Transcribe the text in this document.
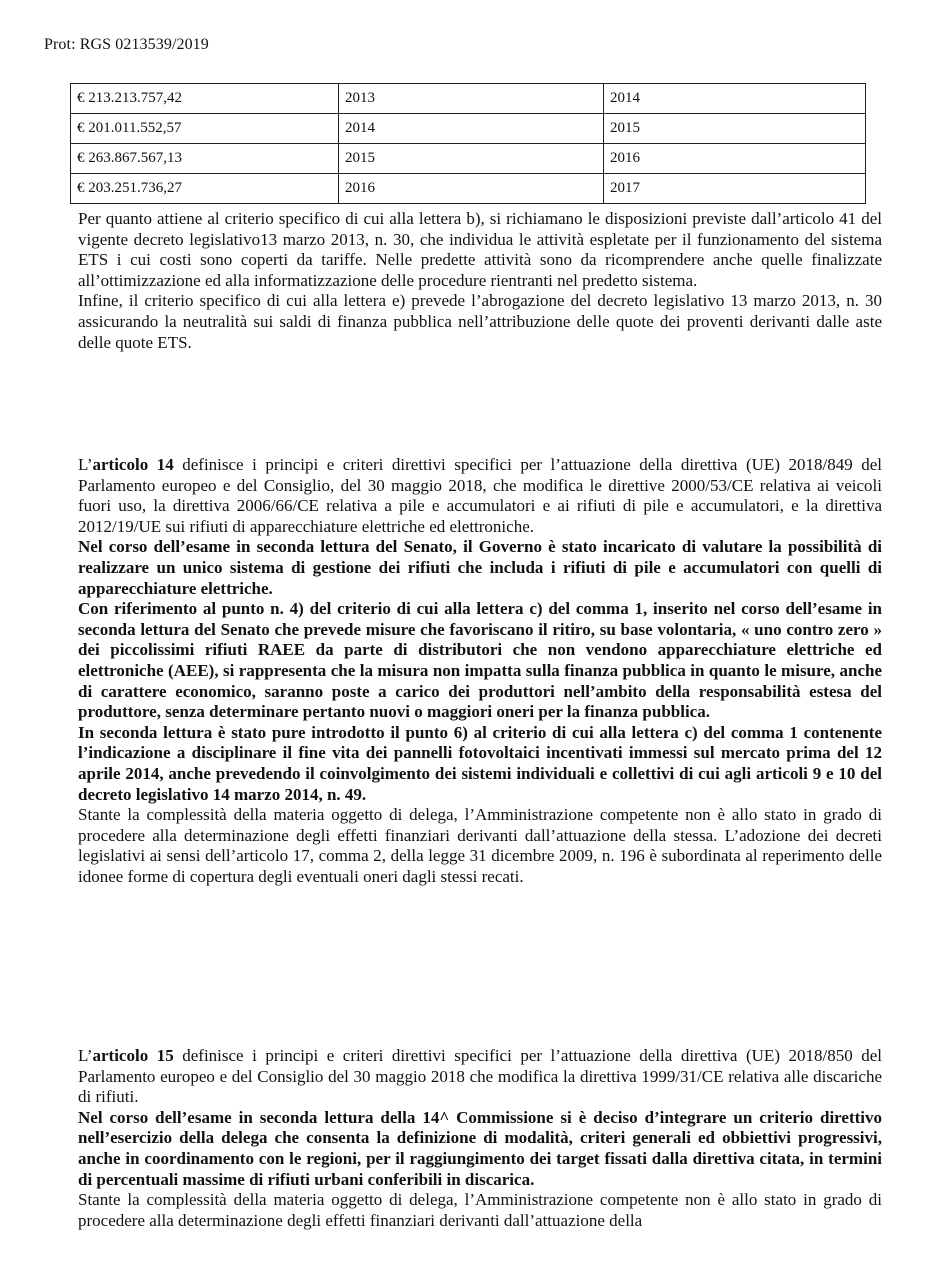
Prot: RGS 0213539/2019
€ 213.213.757,42	2013	2014
€ 201.011.552,57	2014	2015
€ 263.867.567,13	2015	2016
€ 203.251.736,27	2016	2017

Per quanto attiene al criterio specifico di cui alla lettera b), si richiamano le disposizioni previste dall’articolo 41 del vigente decreto legislativo13 marzo 2013, n. 30, che individua le attività espletate per il funzionamento del sistema ETS i cui costi sono coperti da tariffe. Nelle predette attività sono da ricomprendere anche quelle finalizzate all’ottimizzazione ed alla informatizzazione delle procedure rientranti nel predetto sistema.

Infine, il criterio specifico di cui alla lettera e) prevede l’abrogazione del decreto legislativo 13 marzo 2013, n. 30 assicurando la neutralità sui saldi di finanza pubblica nell’attribuzione delle quote dei proventi derivanti dalle aste delle quote ETS.

L’articolo 14 definisce i principi e criteri direttivi specifici per l’attuazione della direttiva (UE) 2018/849 del Parlamento europeo e del Consiglio, del 30 maggio 2018, che modifica le direttive 2000/53/CE relativa ai veicoli fuori uso, la direttiva 2006/66/CE relativa a pile e accumulatori e ai rifiuti di pile e accumulatori, e la direttiva 2012/19/UE sui rifiuti di apparecchiature elettriche ed elettroniche.

Nel corso dell’esame in seconda lettura del Senato, il Governo è stato incaricato di valutare la possibilità di realizzare un unico sistema di gestione dei rifiuti che includa i rifiuti di pile e accumulatori con quelli di apparecchiature elettriche.

Con riferimento al punto n. 4) del criterio di cui alla lettera c) del comma 1, inserito nel corso dell’esame in seconda lettura del Senato che prevede misure che favoriscano il ritiro, su base volontaria, « uno contro zero » dei piccolissimi rifiuti RAEE da parte di distributori che non vendono apparecchiature elettriche ed elettroniche (AEE), si rappresenta che la misura non impatta sulla finanza pubblica in quanto le misure, anche di carattere economico, saranno poste a carico dei produttori nell’ambito della responsabilità estesa del produttore, senza determinare pertanto nuovi o maggiori oneri per la finanza pubblica.

In seconda lettura è stato pure introdotto il punto 6) al criterio di cui alla lettera c) del comma 1 contenente l’indicazione a disciplinare il fine vita dei pannelli fotovoltaici incentivati immessi sul mercato prima del 12 aprile 2014, anche prevedendo il coinvolgimento dei sistemi individuali e collettivi di cui agli articoli 9 e 10 del decreto legislativo 14 marzo 2014, n. 49.

Stante la complessità della materia oggetto di delega, l’Amministrazione competente non è allo stato in grado di procedere alla determinazione degli effetti finanziari derivanti dall’attuazione della stessa. L’adozione dei decreti legislativi ai sensi dell’articolo 17, comma 2, della legge 31 dicembre 2009, n. 196 è subordinata al reperimento delle idonee forme di copertura degli eventuali oneri dagli stessi recati.

L’articolo 15 definisce i principi e criteri direttivi specifici per l’attuazione della direttiva (UE) 2018/850 del Parlamento europeo e del Consiglio del 30 maggio 2018 che modifica la direttiva 1999/31/CE relativa alle discariche di rifiuti.

Nel corso dell’esame in seconda lettura della 14^ Commissione si è deciso d’integrare un criterio direttivo nell’esercizio della delega che consenta la definizione di modalità, criteri generali ed obbiettivi progressivi, anche in coordinamento con le regioni, per il raggiungimento dei target fissati dalla direttiva citata, in termini di percentuali massime di rifiuti urbani conferibili in discarica.

Stante la complessità della materia oggetto di delega, l’Amministrazione competente non è allo stato in grado di procedere alla determinazione degli effetti finanziari derivanti dall’attuazione della
